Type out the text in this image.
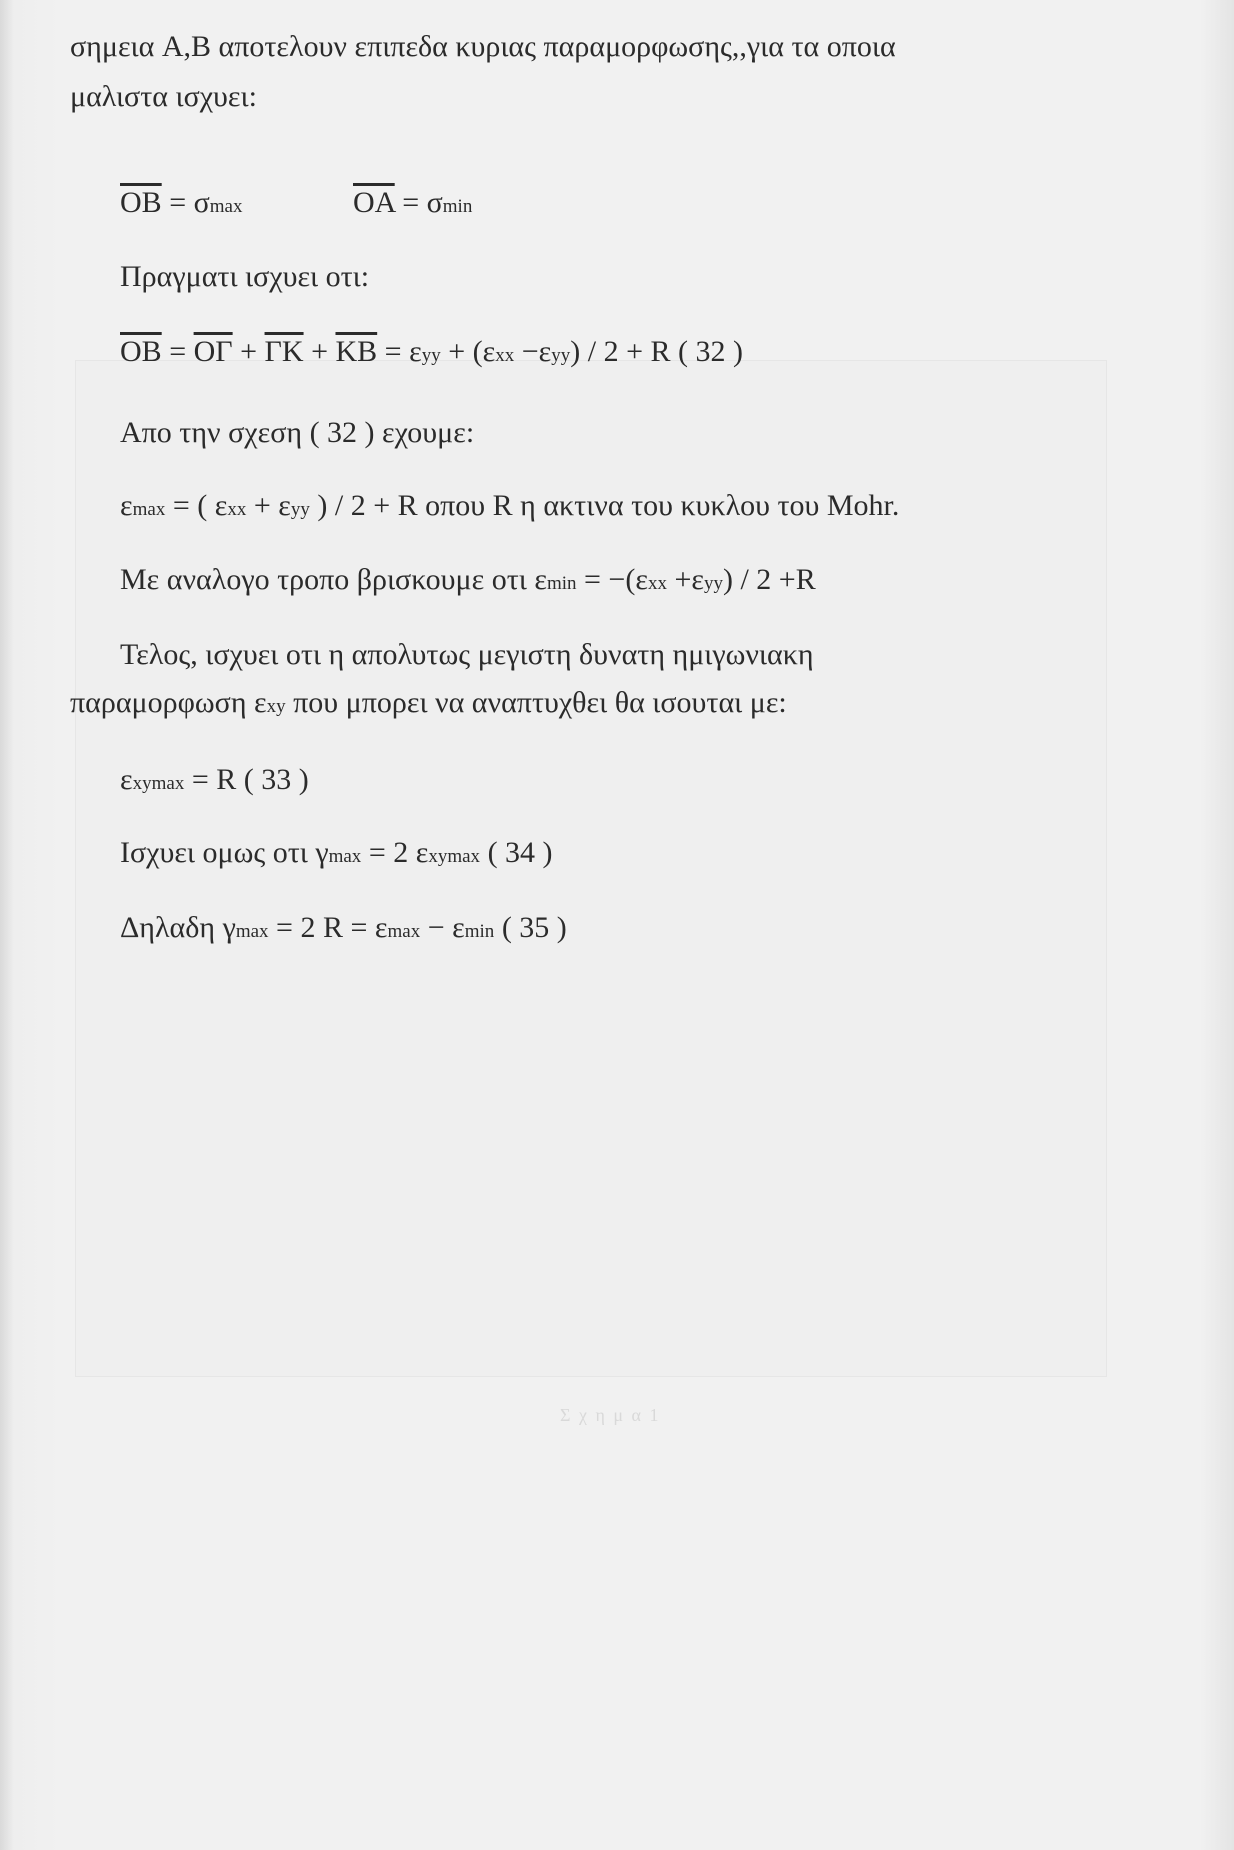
σημεια A,B αποτελουν επιπεδα κυριας παραμορφωσης,,για τα οποια
μαλιστα ισχυει:
$\overline{OB} = \sigma\max$	$\overline{OA} = \sigma\min$
Πραγματι ισχυει οτι:
$\overline{OB} = \overline{O\Gamma} + \overline{\Gamma K} + \overline{KB} = \varepsilon yy + (\varepsilon xx -\varepsilon yy) / 2 + R$ ( 32 )
Απο την σχεση ( 32 ) εχουμε:
εmax = ( εxx + εyy ) / 2 + R οπου R η ακτινα του κυκλου του Mohr.
Με αναλογο τροπο βρισκουμε οτι εmin = −(εxx +εyy) / 2 +R
Τελος, ισχυει οτι η απολυτως μεγιστη δυνατη ημιγωνιακη
παραμορφωση εxy που μπορει να αναπτυχθει θα ισουται με:
εxymax = R ( 33 )
Ισχυει ομως οτι γmax = 2 εxymax ( 34 )
Δηλαδη γmax = 2 R = εmax − εmin ( 35 )
Σ χ η μ α 1
